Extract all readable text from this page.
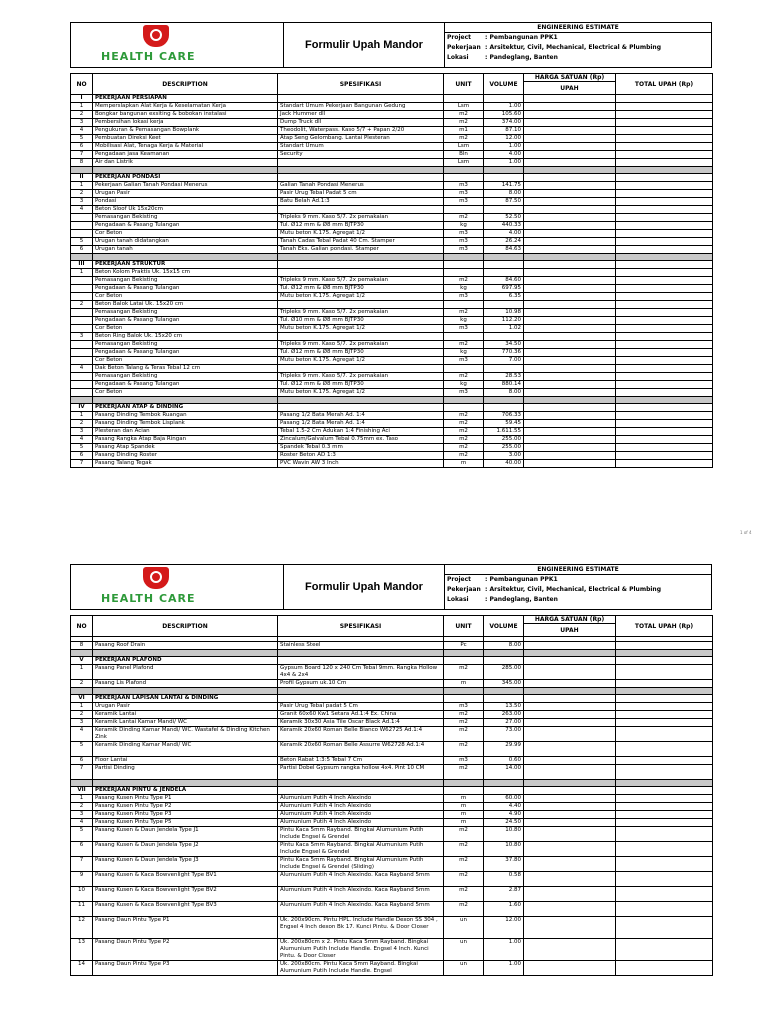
HEALTH CARE
Formulir Upah Mandor
ENGINEERING ESTIMATE
Project : Pembangunan PPK1
Pekerjaan : Arsitektur, Civil, Mechanical, Electrical & Plumbing
Lokasi	: Pandeglang, Banten
NO	DESCRIPTION	SPESIFIKASI	UNIT	VOLUME	HARGA SATUAN (Rp)	TOTAL UPAH (Rp)
					UPAH	
I	PEKERJAAN PERSIAPAN					
1	Memperslapkan Alat Kerja & Keselamatan Kerja	Standart Umum Pekerjaan Bangunan Gedung	Lsm	1.00		
2	Bongkar bangunan exsiting & bobokan instalasi	Jack Hummer dll	m2	105.60		
3	Pembersihan lokasi kerja	Dump Truck dll	m2	374.00		
4	Pengukuran & Pemasangan Bowplank	Theodolit, Waterpass. Kaso 5/7 + Papan 2/20	m1	87.10		
5	Pembuatan Direksi Keet	Atap Seng Gelombang. Lantai Plesteran	m2	12.00		
6	Mobilisasi Alat, Tenaga Kerja & Material	Standart Umum	Lsm	1.00		
7	Pengadaan jasa Keamanan	Security	Bln	4.00		
8	Air dan Listrik		Lsm	1.00		

II	PEKERJAAN PONDASI					
1	Pekerjaan Galian Tanah Pondasi Menerus	Galian Tanah Pondasi Menerus	m3	141.75		
2	Urugan Pasir	Pasir Urug Tebal Padat 5 cm	m3	8.00		
3	Pondasi	Batu Belah Ad.1:3	m3	87.50		
4	Beton Sloof Uk 15x20cm					
	Pemasangan Bekisting	Tripleks 9 mm. Kaso 5/7. 2x pemakaian	m2	52.50		
	Pengadaan & Pasang Tulangan	Tul. Ø12 mm & Ø8 mm BJTP30	kg	440.33		
	Cor Beton	Mutu beton K.175. Agregat 1/2	m3	4.00		
5	Urugan tanah didatangkan	Tanah Cadas Tebal Padat 40 Cm. Stamper	m3	26.24		
6	Urugan tanah	Tanah Eks. Galian pondasi. Stamper	m3	84.63		

III	PEKERJAAN STRUKTUR					
1	Beton Kolom Praktis Uk. 15x15 cm					
	Pemasangan Bekisting	Tripleks 9 mm. Kaso 5/7. 2x pemakaian	m2	84.60		
	Pengadaan & Pasang Tulangan	Tul. Ø12 mm & Ø8 mm BJTP30	kg	697.95		
	Cor Beton	Mutu beton K.175. Agregat 1/2	m3	6.35		
2	Beton Balok Latai Uk. 15x20 cm					
	Pemasangan Bekisting	Tripleks 9 mm. Kaso 5/7. 2x pemakaian	m2	10.98		
	Pengadaan & Pasang Tulangan	Tul. Ø10 mm & Ø8 mm BJTP30	kg	112.20		
	Cor Beton	Mutu beton K.175. Agregat 1/2	m3	1.02		
3	Beton Ring Balok Uk. 15x20 cm					
	Pemasangan Bekisting	Tripleks 9 mm. Kaso 5/7. 2x pemakaian	m2	34.50		
	Pengadaan & Pasang Tulangan	Tul. Ø12 mm & Ø8 mm BJTP30	kg	770.36		
	Cor Beton	Mutu beton K.175. Agregat 1/2	m3	7.00		
4	Dak Beton Talang & Teras Tebal 12 cm					
	Pemasangan Bekisting	Tripleks 9 mm. Kaso 5/7. 2x pemakaian	m2	28.53		
	Pengadaan & Pasang Tulangan	Tul. Ø12 mm & Ø8 mm BJTP30	kg	880.14		
	Cor Beton	Mutu beton K.175. Agregat 1/2	m3	8.00		

IV	PEKERJAAN ATAP & DINDING					
1	Pasang Dinding Tembok Ruangan	Pasang 1/2 Bata Merah Ad. 1:4	m2	706.33		
2	Pasang Dinding Tembok Lisplank	Pasang 1/2 Bata Merah Ad. 1:4	m2	59.45		
3	Plesteran dan Acian	Tebal 1.5-2 Cm Adukan 1:4 Finishing Aci	m2	1.611.55		
4	Pasang Rangka Atap Baja Ringan	Zincalum/Galvalum Tebal 0.75mm ex. Taso	m2	255.00		
5	Pasang Atap Spandek	Spandek Tebal 0.3 mm	m2	255.00		
6	Pasang Dinding Roster	Roster Beton AD 1:3	m2	3.00		
7	Pasang Talang Tegak	PVC Wavin AW 3 Inch	m	40.00		
1 of 4
HEALTH CARE
Formulir Upah Mandor
ENGINEERING ESTIMATE
Project : Pembangunan PPK1
Pekerjaan : Arsitektur, Civil, Mechanical, Electrical & Plumbing
Lokasi	: Pandeglang, Banten
NO	DESCRIPTION	SPESIFIKASI	UNIT	VOLUME	HARGA SATUAN (Rp)	TOTAL UPAH (Rp)
					UPAH	

8	Pasang Roof Drain	Stainless Steel	Pc	8.00		

V	PEKERJAAN PLAFOND					
1	Pasang Panel Plafond	Gypsum Board 120 x 240 Cm Tebal 9mm. Rangka Hollow 4x4 & 2x4	m2	285.00		
2	Pasang Lis Plafond	Profil Gypsum uk.10 Cm	m	345.00		

VI	PEKERJAAN LAPISAN LANTAI & DINDING					
1	Urugan Pasir	Pasir Urug Tebal padat 5 Cm	m3	13.50		
2	Keramik Lantai	Granit 60x60 Kw1 Setara Ad.1:4 Ex. China	m2	263.00		
3	Keramik Lantai Kamar Mandi/ WC	Keramik 30x30 Asia Tile Oscar Black Ad.1:4	m2	27.00		
4	Keramik Dinding Kamar Mandi/ WC. Wastafel & Dinding Kitchen Zink	Keramik 20x60 Roman Belle Bianco W62725 Ad.1:4	m2	73.00		
5	Keramik Dinding Kamar Mandi/ WC	Keramik 20x60 Roman Belle Assurre W62728 Ad.1:4	m2	29.99		
6	Floor Lantai	Beton Rabat 1:3:5 Tebal 7 Cm	m3	0.60		
7	Partisi Dinding	Partisi Dobel Gypsum rangka hollow 4x4. Pint 10 CM	m2	14.00		

VII	PEKERJAAN PINTU & JENDELA					
1	Pasang Kusen Pintu Type P1	Alumunium Putih 4 Inch Alexindo	m	60.00		
2	Pasang Kusen Pintu Type P2	Alumunium Putih 4 Inch Alexindo	m	4.40		
3	Pasang Kusen Pintu Type P3	Alumunium Putih 4 Inch Alexindo	m	4.90		
4	Pasang Kusen Pintu Type P5	Alumunium Putih 4 Inch Alexindo	m	24.50		
5	Pasang Kusen & Daun Jendela Type J1	Pintu Kaca 5mm Rayband. Bingkai Alumunium Putih Include Engsel & Grendel	m2	10.80		
6	Pasang Kusen & Daun Jendela Type J2	Pintu Kaca 5mm Rayband. Bingkai Alumunium Putih Include Engsel & Grendel	m2	10.80		
7	Pasang Kusen & Daun Jendela Type J3	Pintu Kaca 5mm Rayband. Bingkai Alumunium Putih Include Engsel & Grendel (Sliding)	m2	37.80		
9	Pasang Kusen & Kaca Bowvenlight Type BV1	Alumunium Putih 4 Inch Alexindo. Kaca Rayband 5mm	m2	0.58		
10	Pasang Kusen & Kaca Bowvenlight Type BV2	Alumunium Putih 4 Inch Alexindo. Kaca Rayband 5mm	m2	2.87		
11	Pasang Kusen & Kaca Bowvenlight Type BV3	Alumunium Putih 4 Inch Alexindo. Kaca Rayband 5mm	m2	1.60		
12	Pasang Daun Pintu Type P1	Uk. 200x90cm. Pintu HPL. Include Handle Dexon SS 304 , Engsel 4 Inch dexon Bk 17. Kunci Pintu. & Door Closer	un	12.00		
13	Pasang Daun Pintu Type P2	Uk. 200x80cm x 2. Pintu Kaca 5mm Rayband. Bingkai Alumunium Putih Include Handle. Engsel 4 Inch. Kunci Pintu. & Door Closer	un	1.00		
14	Pasang Daun Pintu Type P3	Uk. 200x80cm. Pintu Kaca 5mm Rayband. Bingkai Alumunium Putih Include Handle. Engsel	un	1.00		
